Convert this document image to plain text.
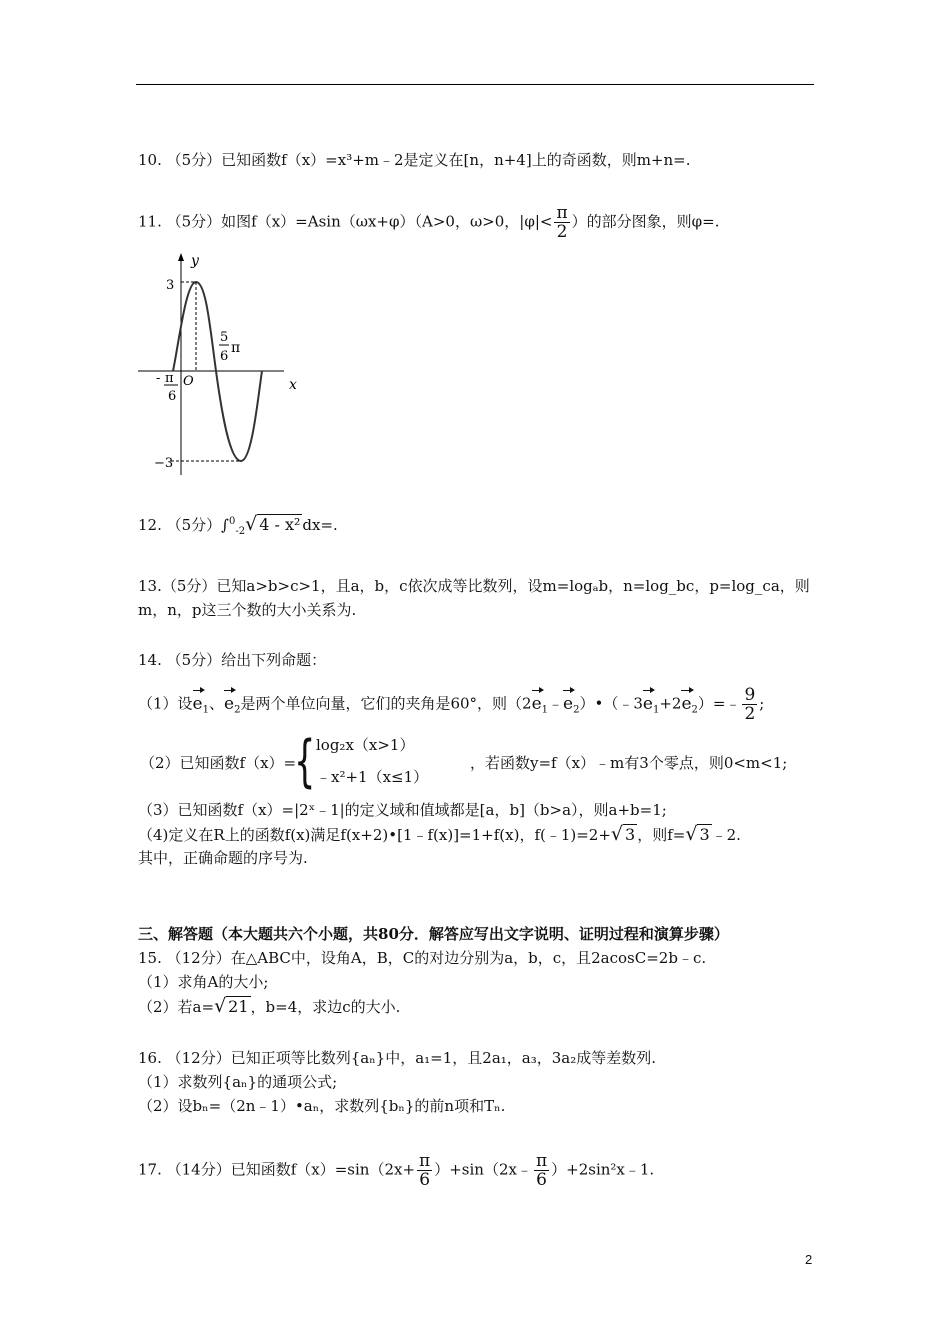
10. （5分）已知函数f（x）=x³+m﹣2是定义在[n，n+4]上的奇函数，则m+n=.
11. （5分）如图f（x）=Asin（ωx+φ）（A>0，ω>0，$|\varphi|< \frac{\pi}{2}$ ）的部分图象，则φ=.
y
x
O
3
−3
- π
6
5
6
π
12. （5分）∫$^0_{-2}$√ 4 - x² dx=.
13.（5分）已知a>b>c>1，且a，b，c依次成等比数列，设m=logₐb，n=log_bc，p=log_ca，则
m，n，p这三个数的大小关系为.
14. （5分）给出下列命题：
（1）设$e_1$、$e_2$是两个单位向量，它们的夹角是60°，则$(2e_1﹣e_2)•(﹣3e_1+2e_2)=﹣ \frac{9}{2}$ ;
（2）已知函数f（x）=
{ log₂x（x>1）
﹣x²+1（x≤1）
，若函数y=f（x）﹣m有3个零点，则0<m<1;
（3）已知函数f（x）=|2ˣ﹣1|的定义域和值域都是[a，b]（b>a），则a+b=1;
（4)定义在R上的函数f(x)满足f(x+2)•[1﹣f(x)]=1+f(x)，f(﹣1)=2+√ 3 ，则f=√ 3 ﹣2.
其中，正确命题的序号为.
三、解答题（本大题共六个小题，共80分．解答应写出文字说明、证明过程和演算步骤）
15. （12分）在△ABC中，设角A，B，C的对边分别为a，b，c，且2acosC=2b﹣c.
（1）求角A的大小;
（2）若a=√ 21 ，b=4，求边c的大小.
16. （12分）已知正项等比数列{aₙ}中，a₁=1，且2a₁，a₃，3a₂成等差数列.
（1）求数列{aₙ}的通项公式;
（2）设bₙ=（2n﹣1）•aₙ，求数列{bₙ}的前n项和Tₙ.
17. （14分）已知函数$f(x)=\sin(2x+ \frac{\pi}{6}$ ）+sin（2x﹣ $\frac{\pi}{6}$ ）+2sin²x﹣1.
2
